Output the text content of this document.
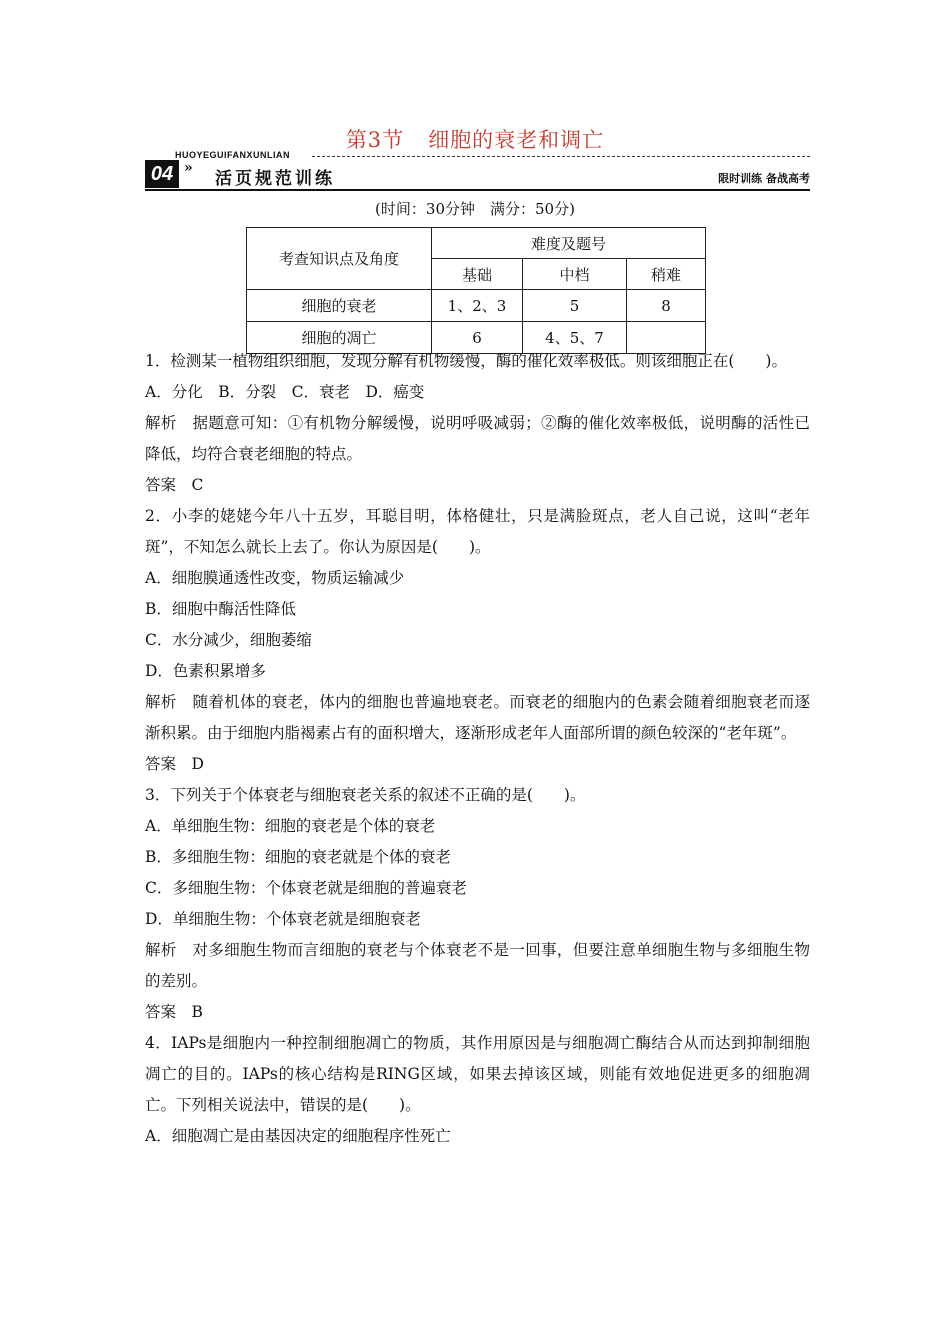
第3节 细胞的衰老和调亡
HUOYEGUIFANXUNLIAN
04 »
活页规范训练	限时训练 备战高考
(时间：30分钟　满分：50分)
考查知识点及角度	难度及题号		
	基础	中档	稍难
细胞的衰老	1、2、3	5	8
细胞的凋亡	6	4、5、7	

1．检测某一植物组织细胞，发现分解有机物缓慢，酶的催化效率极低。则该细胞正在(　　)。

A．分化　B．分裂　C．衰老　D．癌变

解析　据题意可知：①有机物分解缓慢，说明呼吸减弱；②酶的催化效率极低，说明酶的活性已降低，均符合衰老细胞的特点。

答案　C

2．小李的姥姥今年八十五岁，耳聪目明，体格健壮，只是满脸斑点，老人自己说，这叫“老年斑”，不知怎么就长上去了。你认为原因是(　　)。

A．细胞膜通透性改变，物质运输减少

B．细胞中酶活性降低

C．水分减少，细胞萎缩

D．色素积累增多

解析　随着机体的衰老，体内的细胞也普遍地衰老。而衰老的细胞内的色素会随着细胞衰老而逐渐积累。由于细胞内脂褐素占有的面积增大，逐渐形成老年人面部所谓的颜色较深的“老年斑”。

答案　D

3．下列关于个体衰老与细胞衰老关系的叙述不正确的是(　　)。

A．单细胞生物：细胞的衰老是个体的衰老

B．多细胞生物：细胞的衰老就是个体的衰老

C．多细胞生物：个体衰老就是细胞的普遍衰老

D．单细胞生物：个体衰老就是细胞衰老

解析　对多细胞生物而言细胞的衰老与个体衰老不是一回事，但要注意单细胞生物与多细胞生物的差别。

答案　B

4．IAPs是细胞内一种控制细胞凋亡的物质，其作用原因是与细胞凋亡酶结合从而达到抑制细胞凋亡的目的。IAPs的核心结构是RING区域，如果去掉该区域，则能有效地促进更多的细胞凋亡。下列相关说法中，错误的是(　　)。

A．细胞凋亡是由基因决定的细胞程序性死亡
